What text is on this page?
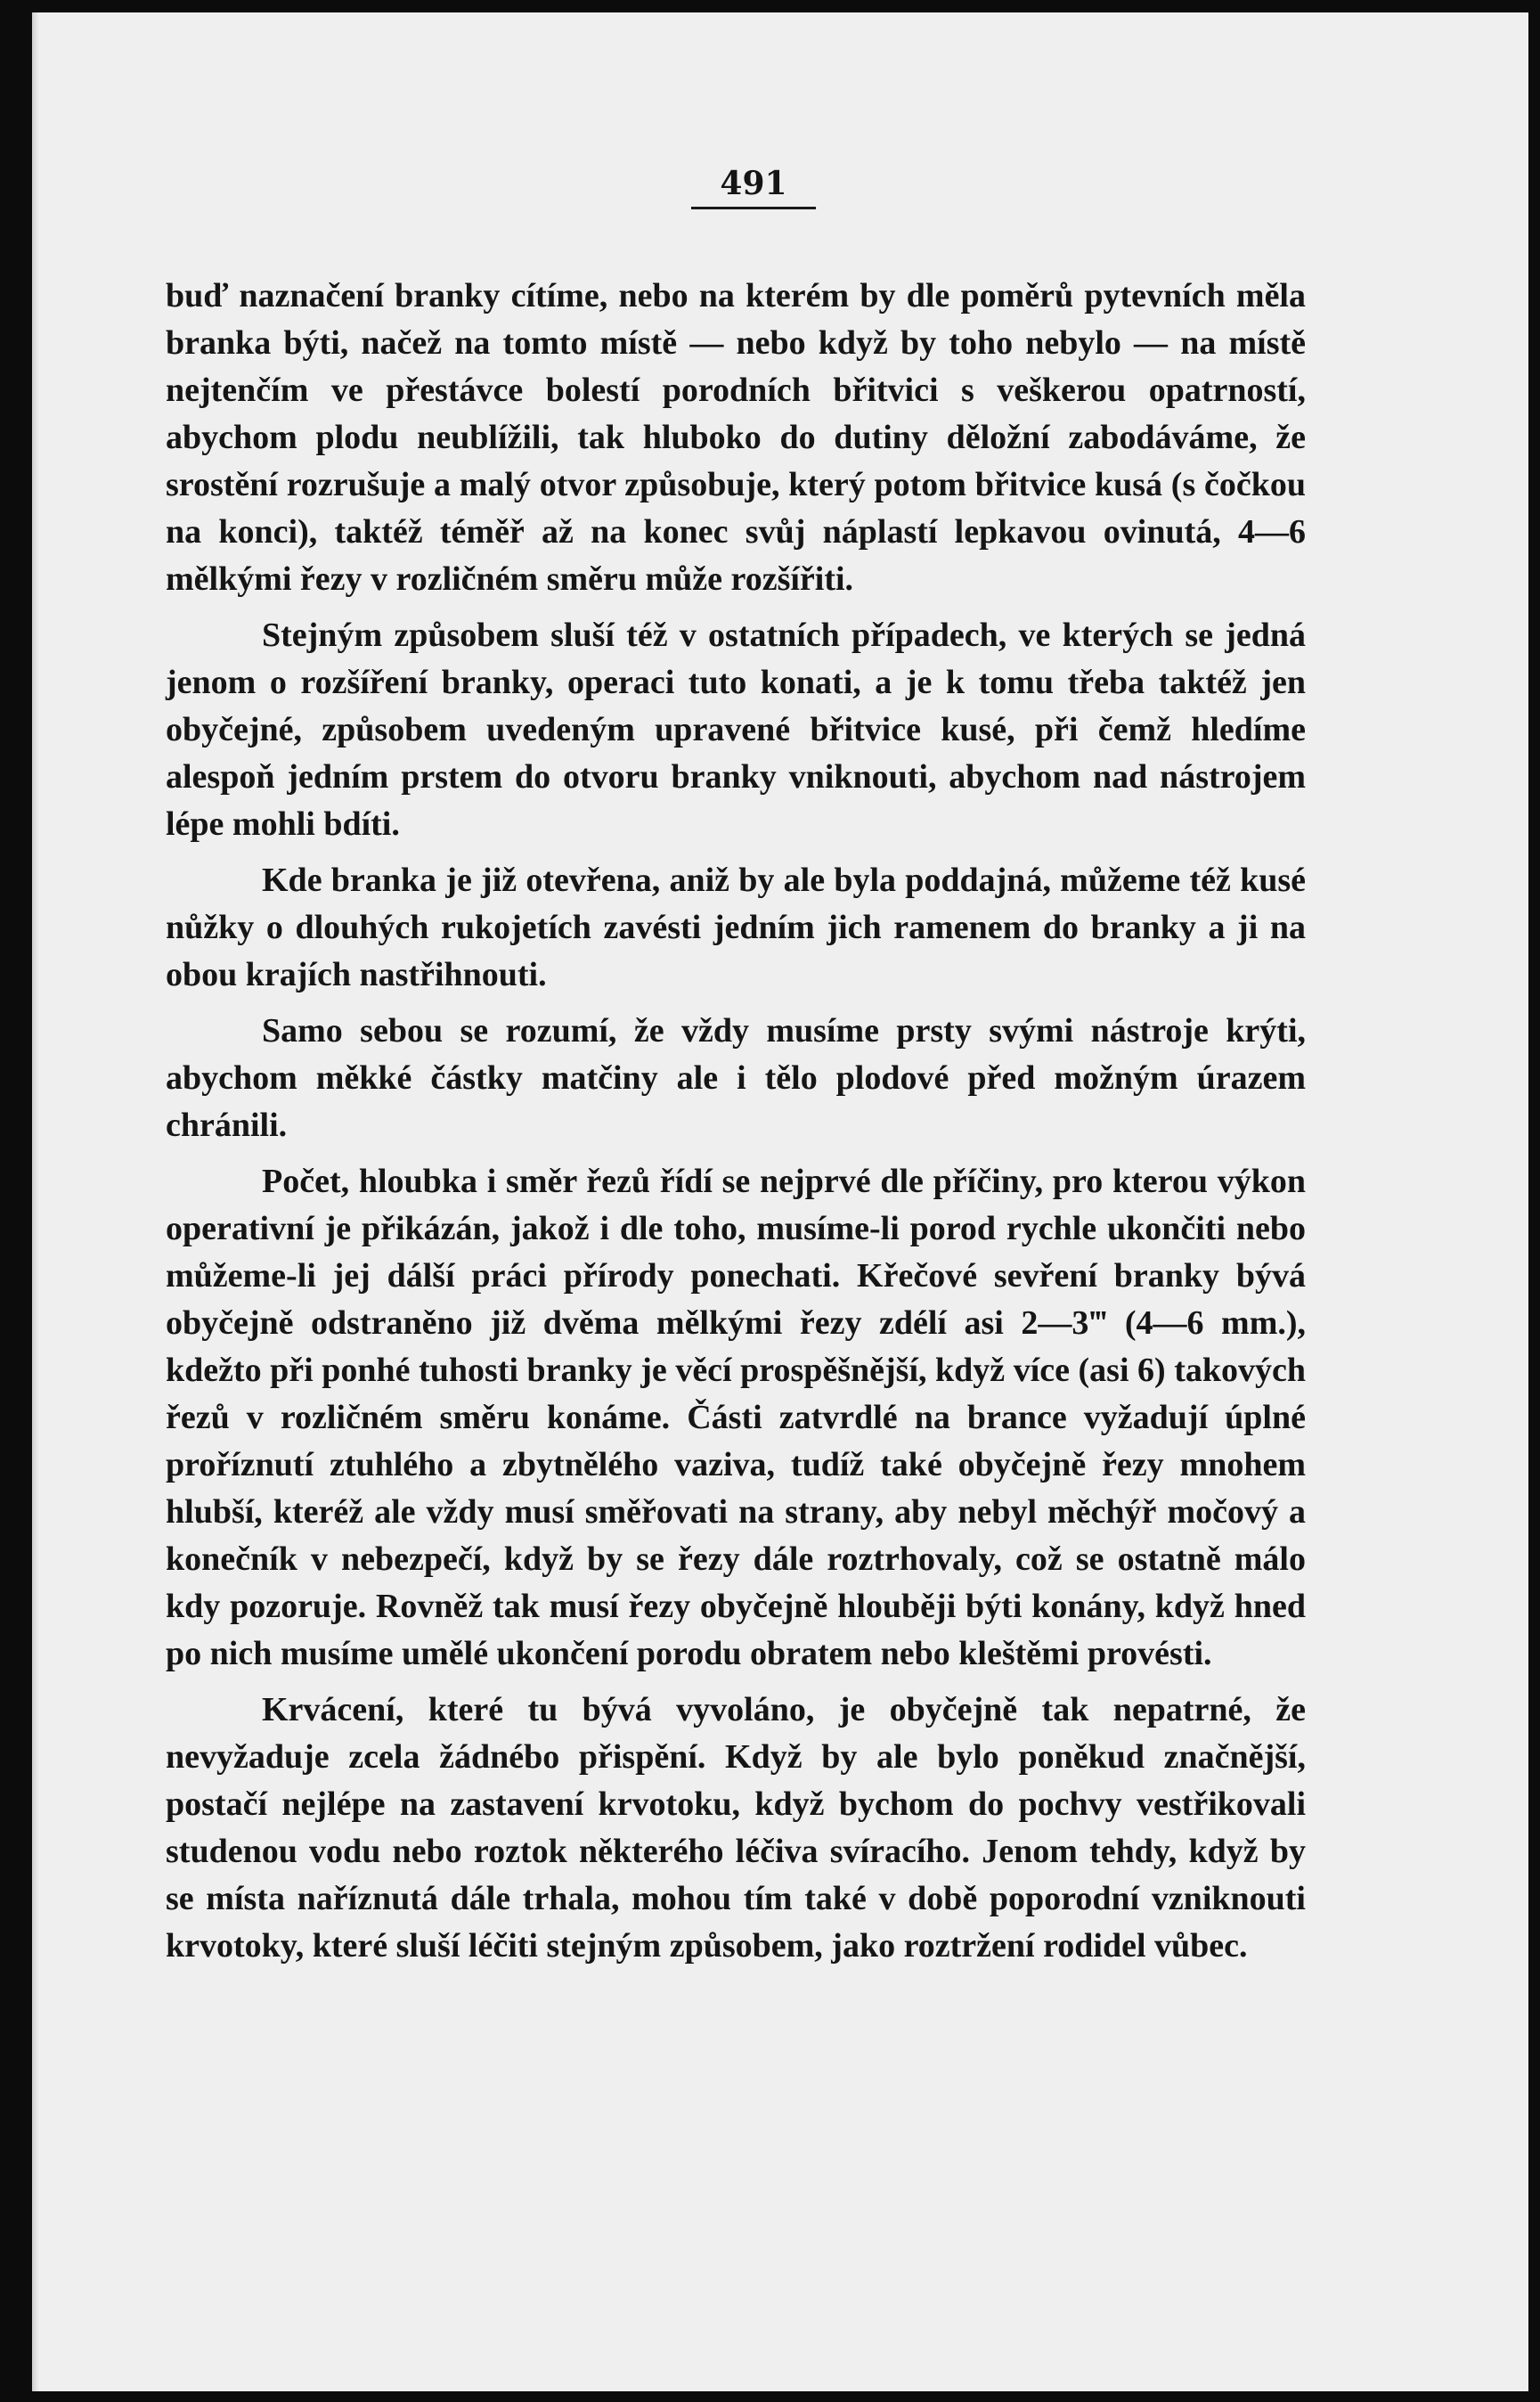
491

buď naznačení branky cítíme, nebo na kterém by dle poměrů pytevních měla branka býti, načež na tomto místě — nebo když by toho nebylo — na místě nejtenčím ve přestávce bolestí porodních břitvici s veškerou opatrností, abychom plodu neublížili, tak hluboko do dutiny děložní zabodáváme, že srostění rozrušuje a malý otvor způsobuje, který potom břitvice kusá (s čočkou na konci), taktéž téměř až na konec svůj náplastí lepkavou ovinutá, 4—6 mělkými řezy v rozličném směru může rozšířiti.

Stejným způsobem sluší též v ostatních případech, ve kterých se jedná jenom o rozšíření branky, operaci tuto konati, a je k tomu třeba taktéž jen obyčejné, způsobem uvedeným upravené břitvice kusé, při čemž hledíme alespoň jedním prstem do otvoru branky vniknouti, abychom nad nástrojem lépe mohli bdíti.

Kde branka je již otevřena, aniž by ale byla poddajná, můžeme též kusé nůžky o dlouhých rukojetích zavésti jedním jich ramenem do branky a ji na obou krajích nastřihnouti.

Samo sebou se rozumí, že vždy musíme prsty svými nástroje krýti, abychom měkké částky matčiny ale i tělo plodové před možným úrazem chránili.

Počet, hloubka i směr řezů řídí se nejprvé dle příčiny, pro kterou výkon operativní je přikázán, jakož i dle toho, musíme-li porod rychle ukončiti nebo můžeme-li jej dálší práci přírody ponechati. Křečové sevření branky bývá obyčejně odstraněno již dvěma mělkými řezy zdélí asi 2—3‴ (4—6 mm.), kdežto při ponhé tuhosti branky je věcí prospěšnější, když více (asi 6) takových řezů v rozličném směru konáme. Části zatvrdlé na brance vyžadují úplné proříznutí ztuhlého a zbytnělého vaziva, tudíž také obyčejně řezy mnohem hlubší, kteréž ale vždy musí směřovati na strany, aby nebyl měchýř močový a konečník v nebezpečí, když by se řezy dále roztrhovaly, což se ostatně málo kdy pozoruje. Rovněž tak musí řezy obyčejně hlouběji býti konány, když hned po nich musíme umělé ukončení porodu obratem nebo kleštěmi provésti.

Krvácení, které tu bývá vyvoláno, je obyčejně tak nepatrné, že nevyžaduje zcela žádnébo přispění. Když by ale bylo poněkud značnější, postačí nejlépe na zastavení krvotoku, když bychom do pochvy vestřikovali studenou vodu nebo roztok některého léčiva svíracího. Jenom tehdy, když by se místa naříznutá dále trhala, mohou tím také v době poporodní vzniknouti krvotoky, které sluší léčiti stejným způsobem, jako roztržení rodidel vůbec.
